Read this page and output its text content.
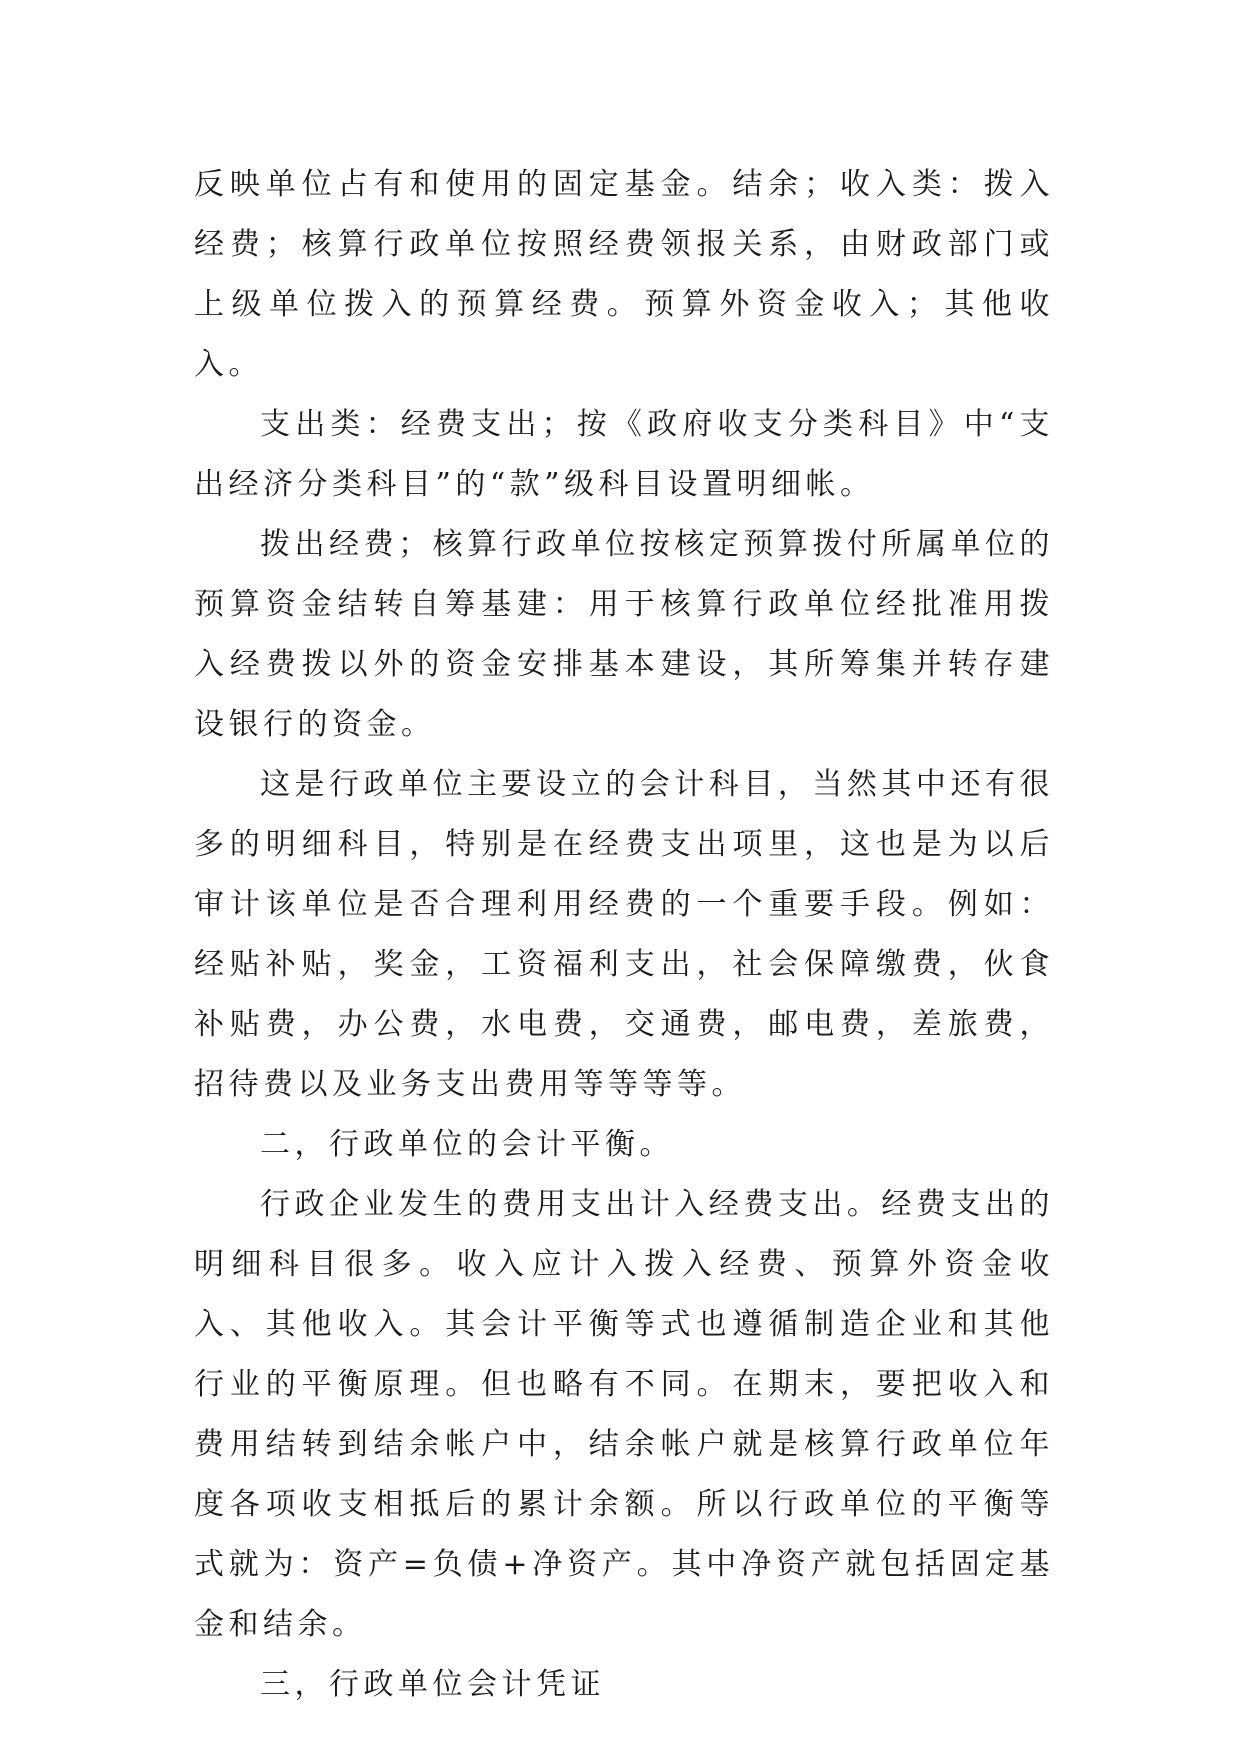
反映单位占有和使用的固定基金。结余；收入类：拨入经费；核算行政单位按照经费领报关系，由财政部门或上级单位拨入的预算经费。预算外资金收入；其他收入。

支出类：经费支出；按《政府收支分类科目》中“支出经济分类科目”的“款”级科目设置明细帐。

拨出经费；核算行政单位按核定预算拨付所属单位的预算资金结转自筹基建：用于核算行政单位经批准用拨入经费拨以外的资金安排基本建设，其所筹集并转存建设银行的资金。

这是行政单位主要设立的会计科目，当然其中还有很多的明细科目，特别是在经费支出项里，这也是为以后审计该单位是否合理利用经费的一个重要手段。例如：经贴补贴，奖金，工资福利支出，社会保障缴费，伙食补贴费，办公费，水电费，交通费，邮电费，差旅费，招待费以及业务支出费用等等等等。

二，行政单位的会计平衡。

行政企业发生的费用支出计入经费支出。经费支出的明细科目很多。收入应计入拨入经费、预算外资金收入、其他收入。其会计平衡等式也遵循制造企业和其他行业的平衡原理。但也略有不同。在期末，要把收入和费用结转到结余帐户中，结余帐户就是核算行政单位年度各项收支相抵后的累计余额。所以行政单位的平衡等式就为：资产=负债+净资产。其中净资产就包括固定基金和结余。

三，行政单位会计凭证
